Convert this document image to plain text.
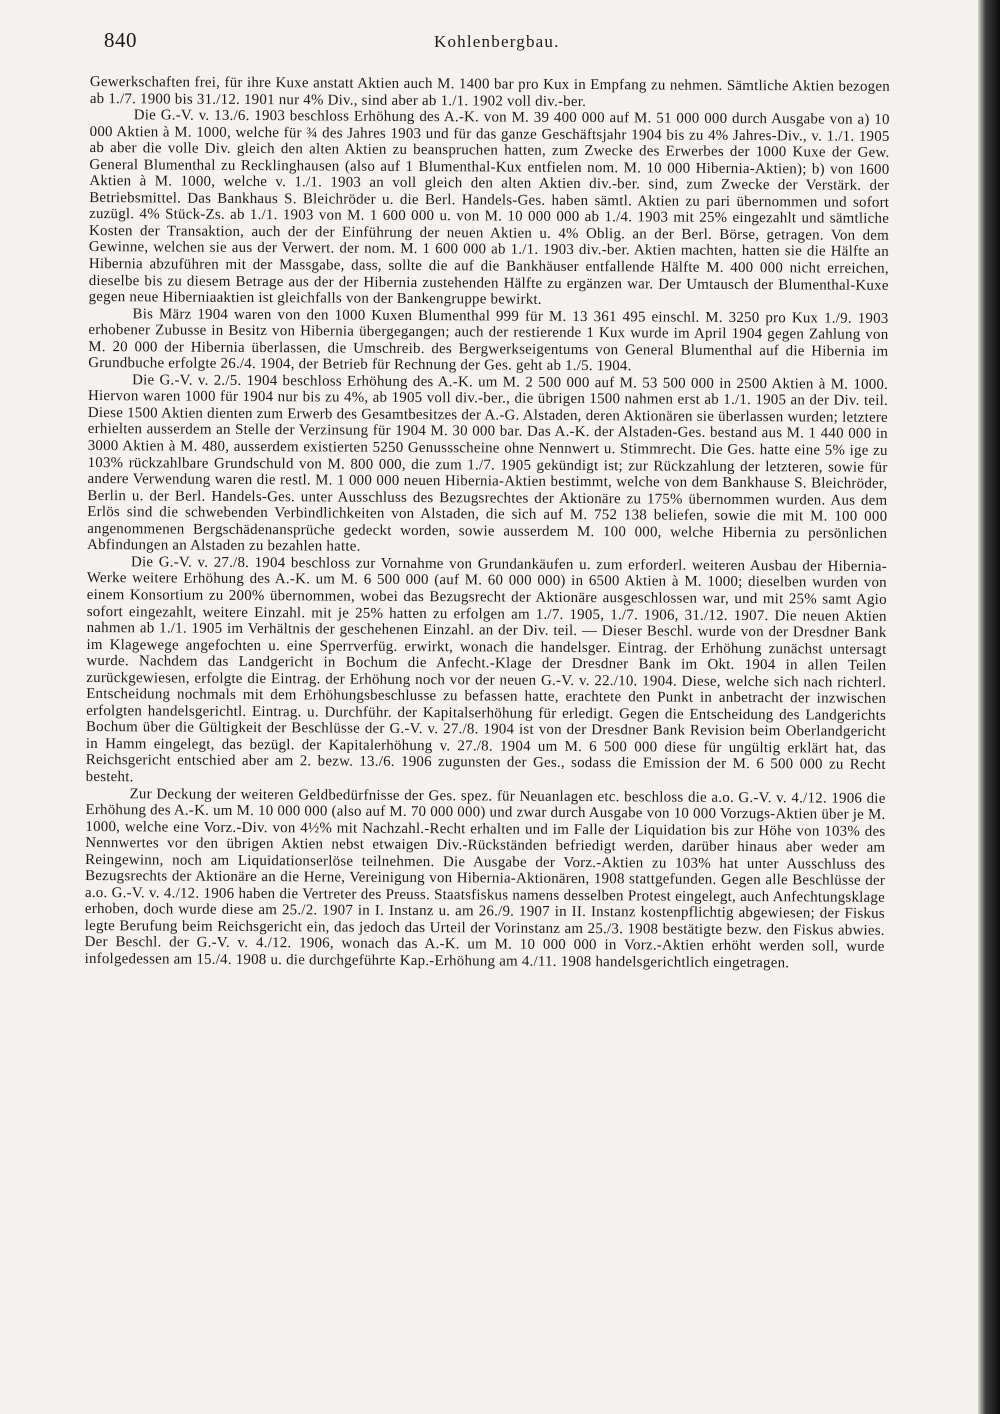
840	Kohlenbergbau.

Gewerkschaften frei, für ihre Kuxe anstatt Aktien auch M. 1400 bar pro Kux in Empfang zu nehmen. Sämtliche Aktien bezogen ab 1./7. 1900 bis 31./12. 1901 nur 4% Div., sind aber ab 1./1. 1902 voll div.-ber.

Die G.-V. v. 13./6. 1903 beschloss Erhöhung des A.-K. von M. 39 400 000 auf M. 51 000 000 durch Ausgabe von a) 10 000 Aktien à M. 1000, welche für ¾ des Jahres 1903 und für das ganze Geschäftsjahr 1904 bis zu 4% Jahres-Div., v. 1./1. 1905 ab aber die volle Div. gleich den alten Aktien zu beanspruchen hatten, zum Zwecke des Erwerbes der 1000 Kuxe der Gew. General Blumenthal zu Recklinghausen (also auf 1 Blumenthal-Kux entfielen nom. M. 10 000 Hibernia-Aktien); b) von 1600 Aktien à M. 1000, welche v. 1./1. 1903 an voll gleich den alten Aktien div.-ber. sind, zum Zwecke der Verstärk. der Betriebsmittel. Das Bankhaus S. Bleichröder u. die Berl. Handels-Ges. haben sämtl. Aktien zu pari übernommen und sofort zuzügl. 4% Stück-Zs. ab 1./1. 1903 von M. 1 600 000 u. von M. 10 000 000 ab 1./4. 1903 mit 25% eingezahlt und sämtliche Kosten der Transaktion, auch der der Einführung der neuen Aktien u. 4% Oblig. an der Berl. Börse, getragen. Von dem Gewinne, welchen sie aus der Verwert. der nom. M. 1 600 000 ab 1./1. 1903 div.-ber. Aktien machten, hatten sie die Hälfte an Hibernia abzuführen mit der Massgabe, dass, sollte die auf die Bankhäuser entfallende Hälfte M. 400 000 nicht erreichen, dieselbe bis zu diesem Betrage aus der der Hibernia zustehenden Hälfte zu ergänzen war. Der Umtausch der Blumenthal-Kuxe gegen neue Hiberniaaktien ist gleichfalls von der Bankengruppe bewirkt.

Bis März 1904 waren von den 1000 Kuxen Blumenthal 999 für M. 13 361 495 einschl. M. 3250 pro Kux 1./9. 1903 erhobener Zubusse in Besitz von Hibernia übergegangen; auch der restierende 1 Kux wurde im April 1904 gegen Zahlung von M. 20 000 der Hibernia überlassen, die Umschreib. des Bergwerkseigentums von General Blumenthal auf die Hibernia im Grundbuche erfolgte 26./4. 1904, der Betrieb für Rechnung der Ges. geht ab 1./5. 1904.

Die G.-V. v. 2./5. 1904 beschloss Erhöhung des A.-K. um M. 2 500 000 auf M. 53 500 000 in 2500 Aktien à M. 1000. Hiervon waren 1000 für 1904 nur bis zu 4%, ab 1905 voll div.-ber., die übrigen 1500 nahmen erst ab 1./1. 1905 an der Div. teil. Diese 1500 Aktien dienten zum Erwerb des Gesamtbesitzes der A.-G. Alstaden, deren Aktionären sie überlassen wurden; letztere erhielten ausserdem an Stelle der Verzinsung für 1904 M. 30 000 bar. Das A.-K. der Alstaden-Ges. bestand aus M. 1 440 000 in 3000 Aktien à M. 480, ausserdem existierten 5250 Genussscheine ohne Nennwert u. Stimmrecht. Die Ges. hatte eine 5% ige zu 103% rückzahlbare Grundschuld von M. 800 000, die zum 1./7. 1905 gekündigt ist; zur Rückzahlung der letzteren, sowie für andere Verwendung waren die restl. M. 1 000 000 neuen Hibernia-Aktien bestimmt, welche von dem Bankhause S. Bleichröder, Berlin u. der Berl. Handels-Ges. unter Ausschluss des Bezugsrechtes der Aktionäre zu 175% übernommen wurden. Aus dem Erlös sind die schwebenden Verbindlichkeiten von Alstaden, die sich auf M. 752 138 beliefen, sowie die mit M. 100 000 angenommenen Bergschädenansprüche gedeckt worden, sowie ausserdem M. 100 000, welche Hibernia zu persönlichen Abfindungen an Alstaden zu bezahlen hatte.

Die G.-V. v. 27./8. 1904 beschloss zur Vornahme von Grundankäufen u. zum erforderl. weiteren Ausbau der Hibernia-Werke weitere Erhöhung des A.-K. um M. 6 500 000 (auf M. 60 000 000) in 6500 Aktien à M. 1000; dieselben wurden von einem Konsortium zu 200% übernommen, wobei das Bezugsrecht der Aktionäre ausgeschlossen war, und mit 25% samt Agio sofort eingezahlt, weitere Einzahl. mit je 25% hatten zu erfolgen am 1./7. 1905, 1./7. 1906, 31./12. 1907. Die neuen Aktien nahmen ab 1./1. 1905 im Verhältnis der geschehenen Einzahl. an der Div. teil. — Dieser Beschl. wurde von der Dresdner Bank im Klagewege angefochten u. eine Sperrverfüg. erwirkt, wonach die handelsger. Eintrag. der Erhöhung zunächst untersagt wurde. Nachdem das Landgericht in Bochum die Anfecht.-Klage der Dresdner Bank im Okt. 1904 in allen Teilen zurückgewiesen, erfolgte die Eintrag. der Erhöhung noch vor der neuen G.-V. v. 22./10. 1904. Diese, welche sich nach richterl. Entscheidung nochmals mit dem Erhöhungsbeschlusse zu befassen hatte, erachtete den Punkt in anbetracht der inzwischen erfolgten handelsgerichtl. Eintrag. u. Durchführ. der Kapitalserhöhung für erledigt. Gegen die Entscheidung des Landgerichts Bochum über die Gültigkeit der Beschlüsse der G.-V. v. 27./8. 1904 ist von der Dresdner Bank Revision beim Oberlandgericht in Hamm eingelegt, das bezügl. der Kapitalerhöhung v. 27./8. 1904 um M. 6 500 000 diese für ungültig erklärt hat, das Reichsgericht entschied aber am 2. bezw. 13./6. 1906 zugunsten der Ges., sodass die Emission der M. 6 500 000 zu Recht besteht.

Zur Deckung der weiteren Geldbedürfnisse der Ges. spez. für Neuanlagen etc. beschloss die a.o. G.-V. v. 4./12. 1906 die Erhöhung des A.-K. um M. 10 000 000 (also auf M. 70 000 000) und zwar durch Ausgabe von 10 000 Vorzugs-Aktien über je M. 1000, welche eine Vorz.-Div. von 4½% mit Nachzahl.-Recht erhalten und im Falle der Liquidation bis zur Höhe von 103% des Nennwertes vor den übrigen Aktien nebst etwaigen Div.-Rückständen befriedigt werden, darüber hinaus aber weder am Reingewinn, noch am Liquidationserlöse teilnehmen. Die Ausgabe der Vorz.-Aktien zu 103% hat unter Ausschluss des Bezugsrechts der Aktionäre an die Herne, Vereinigung von Hibernia-Aktionären, 1908 stattgefunden. Gegen alle Beschlüsse der a.o. G.-V. v. 4./12. 1906 haben die Vertreter des Preuss. Staatsfiskus namens desselben Protest eingelegt, auch Anfechtungsklage erhoben, doch wurde diese am 25./2. 1907 in I. Instanz u. am 26./9. 1907 in II. Instanz kostenpflichtig abgewiesen; der Fiskus legte Berufung beim Reichsgericht ein, das jedoch das Urteil der Vorinstanz am 25./3. 1908 bestätigte bezw. den Fiskus abwies. Der Beschl. der G.-V. v. 4./12. 1906, wonach das A.-K. um M. 10 000 000 in Vorz.-Aktien erhöht werden soll, wurde infolgedessen am 15./4. 1908 u. die durchgeführte Kap.-Erhöhung am 4./11. 1908 handelsgerichtlich eingetragen.
